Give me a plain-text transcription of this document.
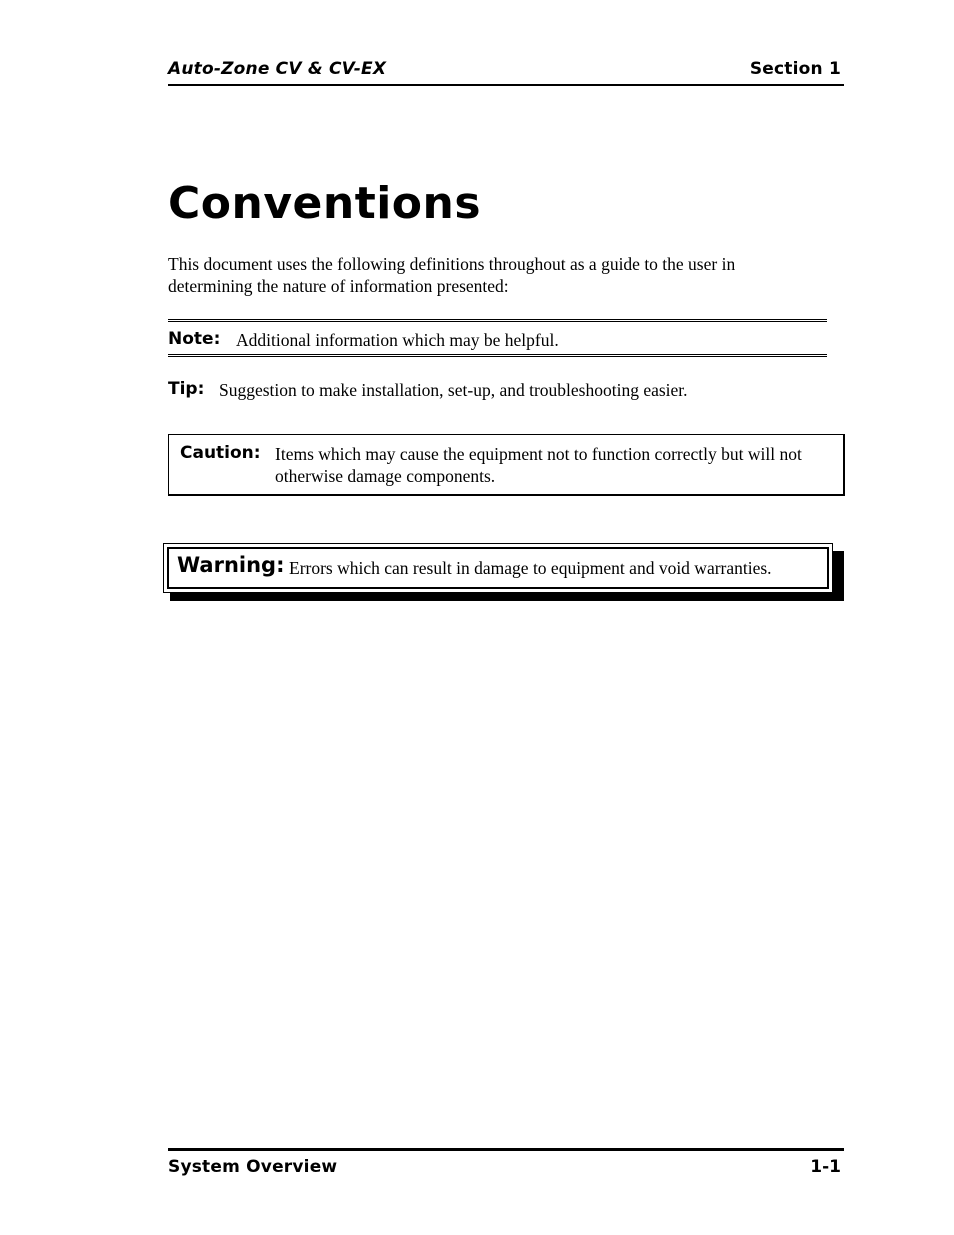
Auto-Zone CV & CV-EX	Section 1
Conventions

This document uses the following definitions throughout as a guide to the user in determining the nature of information presented:

Note: Additional information which may be helpful.
Tip: Suggestion to make installation, set-up, and troubleshooting easier.
Caution: Items which may cause the equipment not to function correctly but will not otherwise damage components.
Warning: Errors which can result in damage to equipment and void warranties.
System Overview	1-1
